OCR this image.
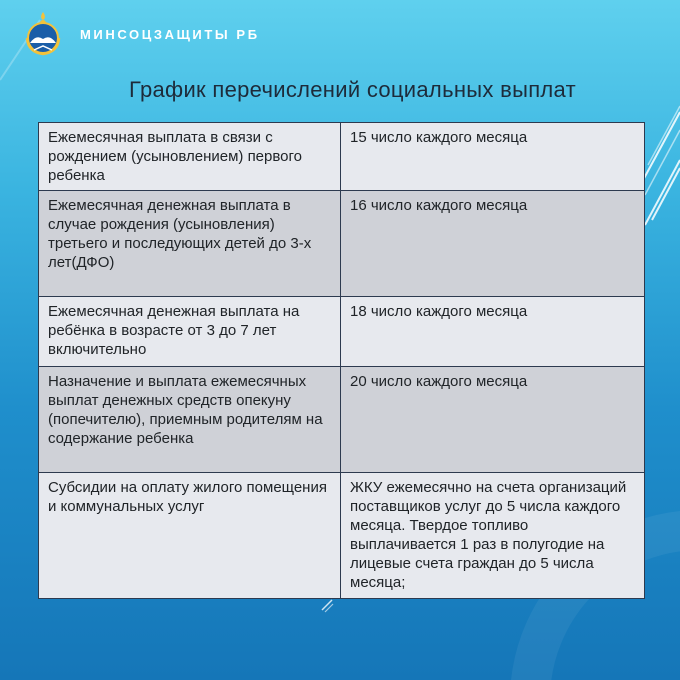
МИНСОЦЗАЩИТЫ РБ
График перечислений социальных выплат
Ежемесячная выплата в связи с рождением (усыновлением) первого ребенка	15 число каждого месяца
Ежемесячная денежная выплата в случае рождения (усыновления) третьего и последующих детей до 3-х лет(ДФО)	16 число каждого месяца
Ежемесячная денежная выплата на ребёнка в возрасте от 3 до 7 лет включительно	18 число каждого месяца
Назначение и выплата ежемесячных выплат денежных средств опекуну (попечителю), приемным родителям на содержание ребенка	20 число каждого месяца
Субсидии на оплату жилого помещения и коммунальных услуг	ЖКУ ежемесячно на счета организаций поставщиков услуг до 5 числа каждого месяца. Твердое топливо выплачивается 1 раз в полугодие на лицевые счета граждан до 5 числа месяца;
